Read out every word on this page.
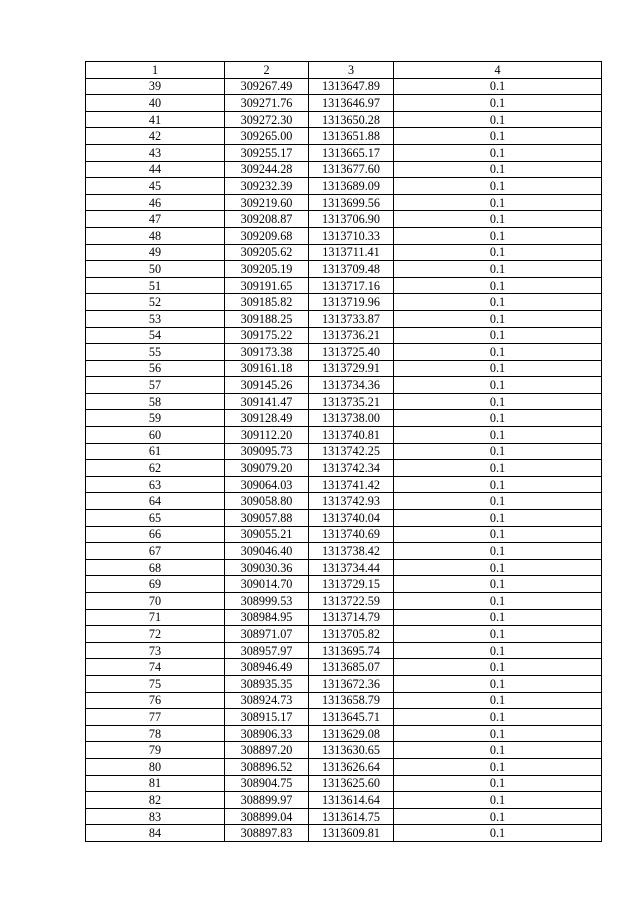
1	2	3	4
39	309267.49	1313647.89	0.1
40	309271.76	1313646.97	0.1
41	309272.30	1313650.28	0.1
42	309265.00	1313651.88	0.1
43	309255.17	1313665.17	0.1
44	309244.28	1313677.60	0.1
45	309232.39	1313689.09	0.1
46	309219.60	1313699.56	0.1
47	309208.87	1313706.90	0.1
48	309209.68	1313710.33	0.1
49	309205.62	1313711.41	0.1
50	309205.19	1313709.48	0.1
51	309191.65	1313717.16	0.1
52	309185.82	1313719.96	0.1
53	309188.25	1313733.87	0.1
54	309175.22	1313736.21	0.1
55	309173.38	1313725.40	0.1
56	309161.18	1313729.91	0.1
57	309145.26	1313734.36	0.1
58	309141.47	1313735.21	0.1
59	309128.49	1313738.00	0.1
60	309112.20	1313740.81	0.1
61	309095.73	1313742.25	0.1
62	309079.20	1313742.34	0.1
63	309064.03	1313741.42	0.1
64	309058.80	1313742.93	0.1
65	309057.88	1313740.04	0.1
66	309055.21	1313740.69	0.1
67	309046.40	1313738.42	0.1
68	309030.36	1313734.44	0.1
69	309014.70	1313729.15	0.1
70	308999.53	1313722.59	0.1
71	308984.95	1313714.79	0.1
72	308971.07	1313705.82	0.1
73	308957.97	1313695.74	0.1
74	308946.49	1313685.07	0.1
75	308935.35	1313672.36	0.1
76	308924.73	1313658.79	0.1
77	308915.17	1313645.71	0.1
78	308906.33	1313629.08	0.1
79	308897.20	1313630.65	0.1
80	308896.52	1313626.64	0.1
81	308904.75	1313625.60	0.1
82	308899.97	1313614.64	0.1
83	308899.04	1313614.75	0.1
84	308897.83	1313609.81	0.1
